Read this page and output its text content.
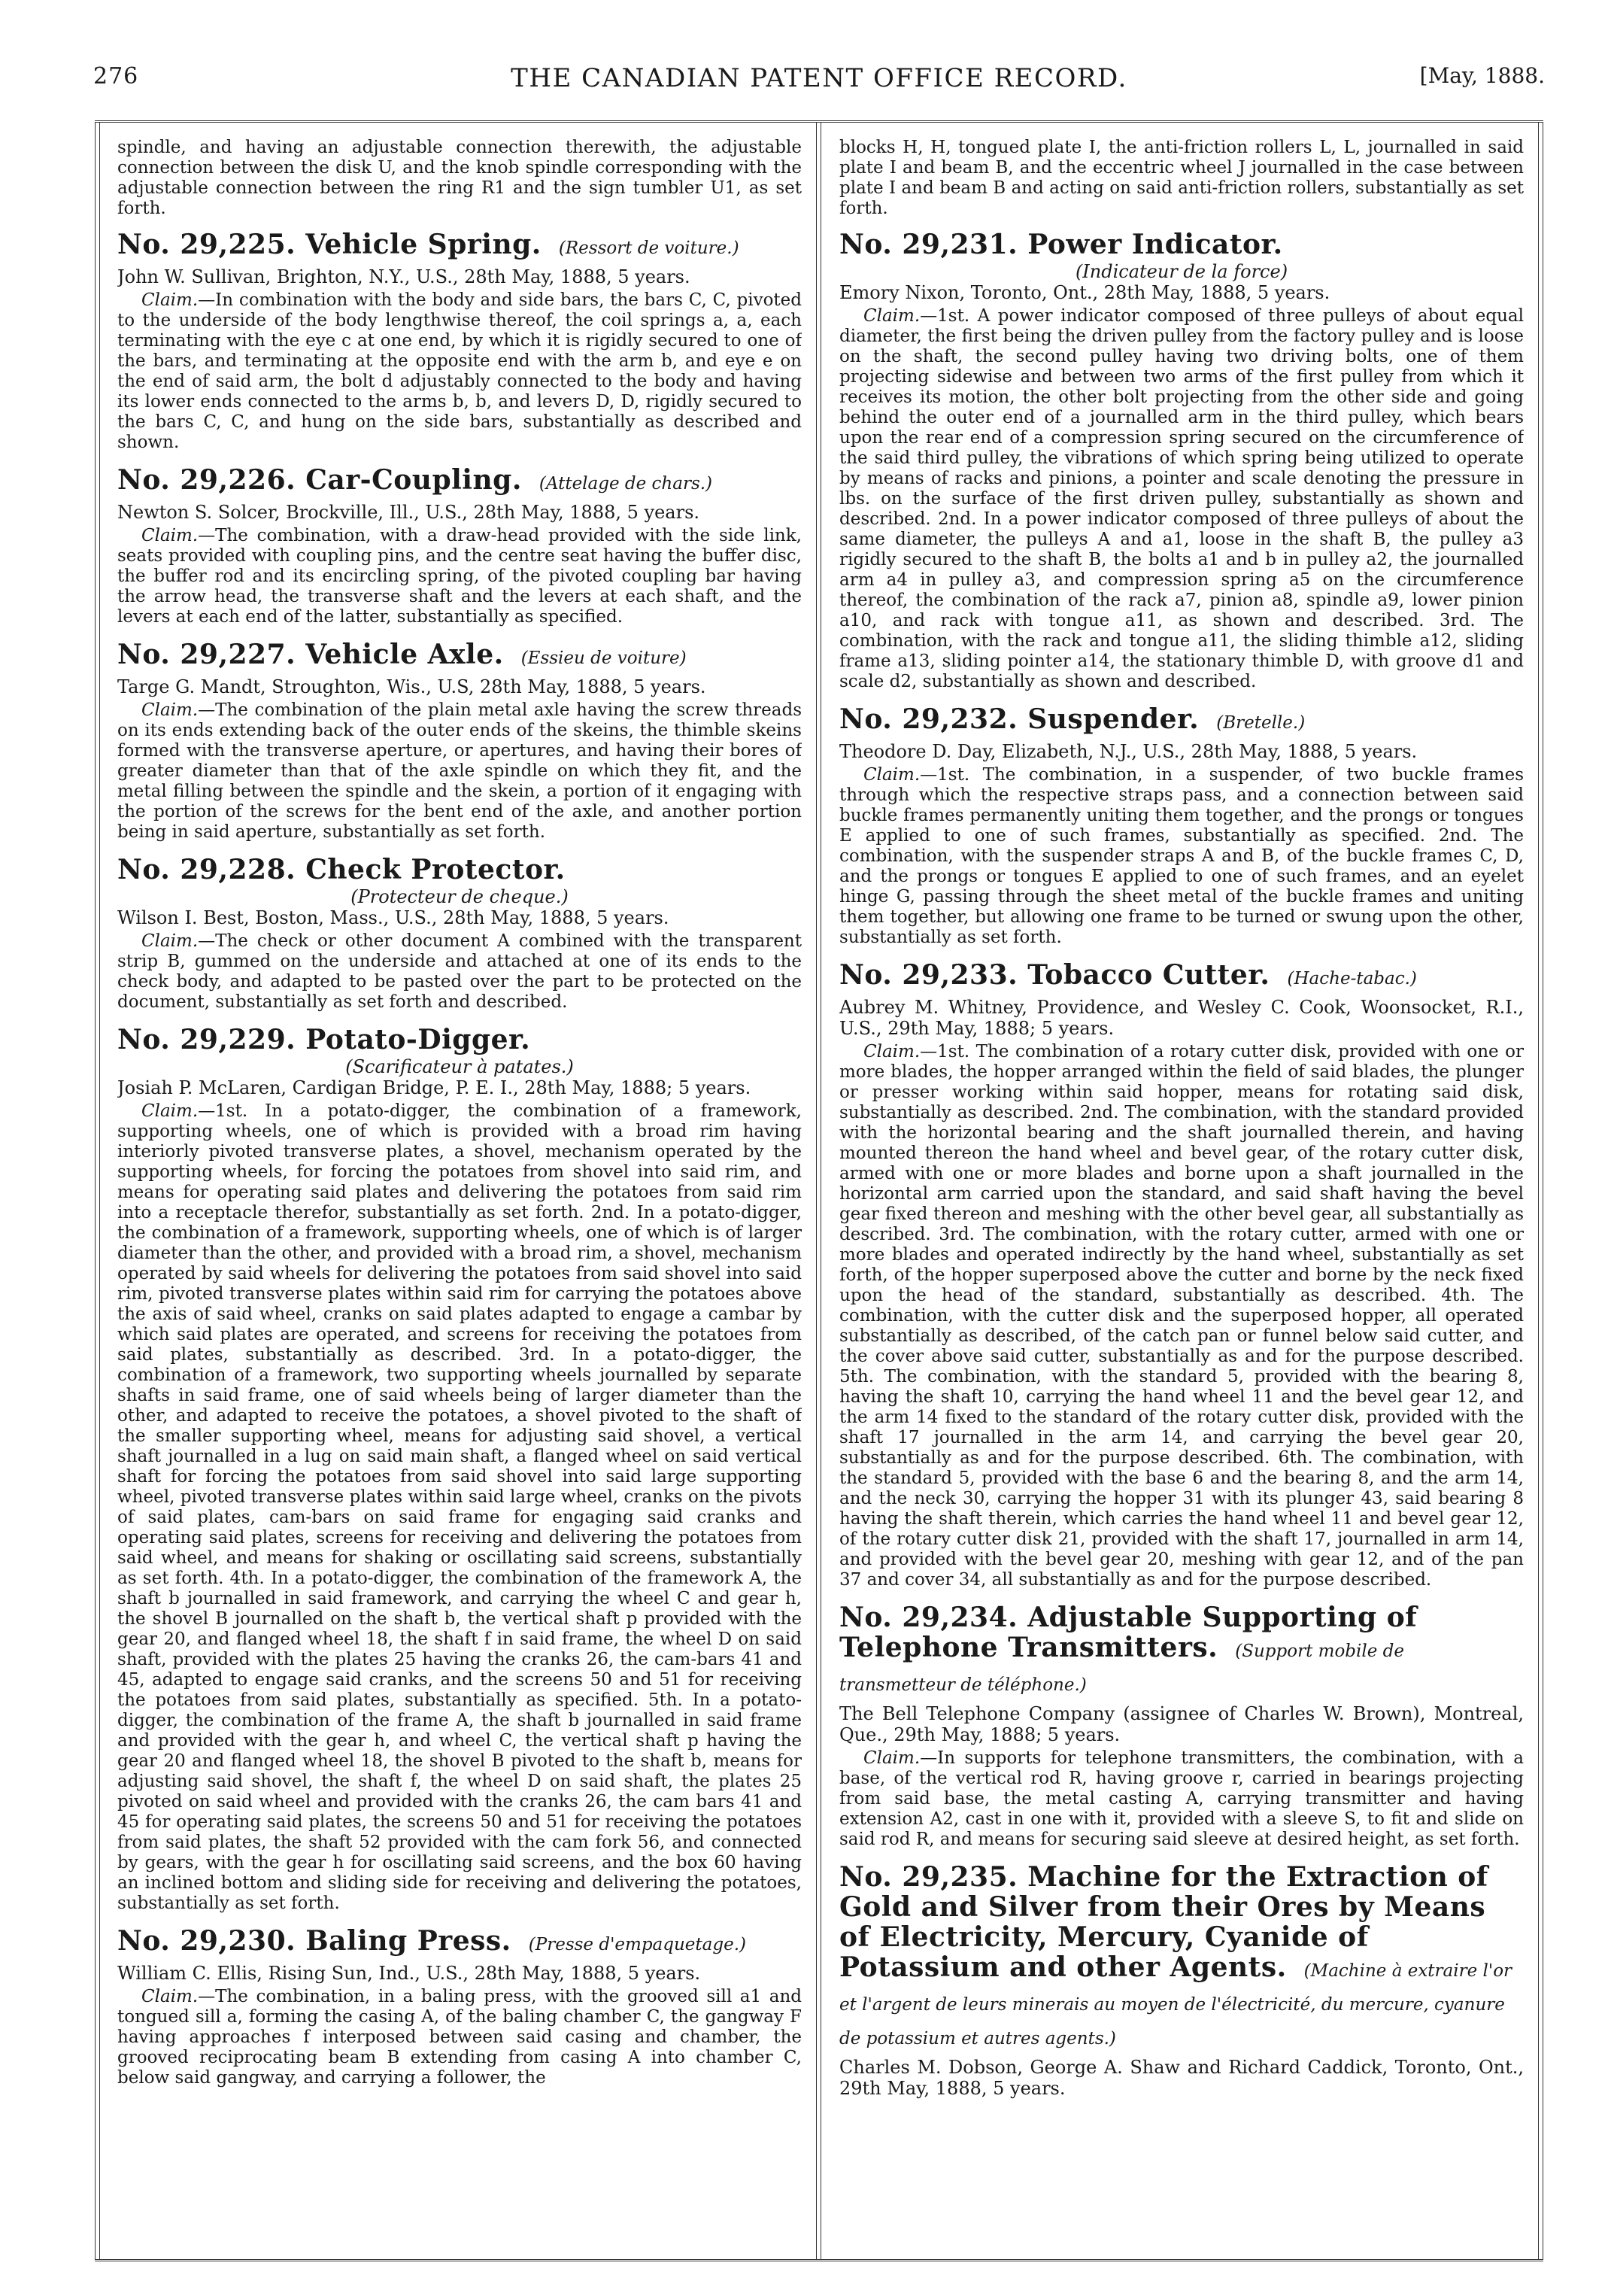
276	THE CANADIAN PATENT OFFICE RECORD.	[May, 1888.

spindle, and having an adjustable connection therewith, the adjustable connection between the disk U, and the knob spindle corresponding with the adjustable connection between the ring R1 and the sign tumbler U1, as set forth.

No. 29,225. Vehicle Spring. (Ressort de voiture.)

John W. Sullivan, Brighton, N.Y., U.S., 28th May, 1888, 5 years.

Claim.—In combination with the body and side bars, the bars C, C, pivoted to the underside of the body lengthwise thereof, the coil springs a, a, each terminating with the eye c at one end, by which it is rigidly secured to one of the bars, and terminating at the opposite end with the arm b, and eye e on the end of said arm, the bolt d adjustably connected to the body and having its lower ends connected to the arms b, b, and levers D, D, rigidly secured to the bars C, C, and hung on the side bars, substantially as described and shown.

No. 29,226. Car-Coupling. (Attelage de chars.)

Newton S. Solcer, Brockville, Ill., U.S., 28th May, 1888, 5 years.

Claim.—The combination, with a draw-head provided with the side link, seats provided with coupling pins, and the centre seat having the buffer disc, the buffer rod and its encircling spring, of the pivoted coupling bar having the arrow head, the transverse shaft and the levers at each shaft, and the levers at each end of the latter, substantially as specified.

No. 29,227. Vehicle Axle. (Essieu de voiture)

Targe G. Mandt, Stroughton, Wis., U.S, 28th May, 1888, 5 years.

Claim.—The combination of the plain metal axle having the screw threads on its ends extending back of the outer ends of the skeins, the thimble skeins formed with the transverse aperture, or apertures, and having their bores of greater diameter than that of the axle spindle on which they fit, and the metal filling between the spindle and the skein, a portion of it engaging with the portion of the screws for the bent end of the axle, and another portion being in said aperture, substantially as set forth.

No. 29,228. Check Protector.
(Protecteur de cheque.)

Wilson I. Best, Boston, Mass., U.S., 28th May, 1888, 5 years.

Claim.—The check or other document A combined with the transparent strip B, gummed on the underside and attached at one of its ends to the check body, and adapted to be pasted over the part to be protected on the document, substantially as set forth and described.

No. 29,229. Potato-Digger.
(Scarificateur à patates.)

Josiah P. McLaren, Cardigan Bridge, P. E. I., 28th May, 1888; 5 years.

Claim.—1st. In a potato-digger, the combination of a framework, supporting wheels, one of which is provided with a broad rim having interiorly pivoted transverse plates, a shovel, mechanism operated by the supporting wheels, for forcing the potatoes from shovel into said rim, and means for operating said plates and delivering the potatoes from said rim into a receptacle therefor, substantially as set forth. 2nd. In a potato-digger, the combination of a framework, supporting wheels, one of which is of larger diameter than the other, and provided with a broad rim, a shovel, mechanism operated by said wheels for delivering the potatoes from said shovel into said rim, pivoted transverse plates within said rim for carrying the potatoes above the axis of said wheel, cranks on said plates adapted to engage a cambar by which said plates are operated, and screens for receiving the potatoes from said plates, substantially as described. 3rd. In a potato-digger, the combination of a framework, two supporting wheels journalled by separate shafts in said frame, one of said wheels being of larger diameter than the other, and adapted to receive the potatoes, a shovel pivoted to the shaft of the smaller supporting wheel, means for adjusting said shovel, a vertical shaft journalled in a lug on said main shaft, a flanged wheel on said vertical shaft for forcing the potatoes from said shovel into said large supporting wheel, pivoted transverse plates within said large wheel, cranks on the pivots of said plates, cam-bars on said frame for engaging said cranks and operating said plates, screens for receiving and delivering the potatoes from said wheel, and means for shaking or oscillating said screens, substantially as set forth. 4th. In a potato-digger, the combination of the framework A, the shaft b journalled in said framework, and carrying the wheel C and gear h, the shovel B journalled on the shaft b, the vertical shaft p provided with the gear 20, and flanged wheel 18, the shaft f in said frame, the wheel D on said shaft, provided with the plates 25 having the cranks 26, the cam-bars 41 and 45, adapted to engage said cranks, and the screens 50 and 51 for receiving the potatoes from said plates, substantially as specified. 5th. In a potato-digger, the combination of the frame A, the shaft b journalled in said frame and provided with the gear h, and wheel C, the vertical shaft p having the gear 20 and flanged wheel 18, the shovel B pivoted to the shaft b, means for adjusting said shovel, the shaft f, the wheel D on said shaft, the plates 25 pivoted on said wheel and provided with the cranks 26, the cam bars 41 and 45 for operating said plates, the screens 50 and 51 for receiving the potatoes from said plates, the shaft 52 provided with the cam fork 56, and connected by gears, with the gear h for oscillating said screens, and the box 60 having an inclined bottom and sliding side for receiving and delivering the potatoes, substantially as set forth.

No. 29,230. Baling Press. (Presse d'empaquetage.)

William C. Ellis, Rising Sun, Ind., U.S., 28th May, 1888, 5 years.

Claim.—The combination, in a baling press, with the grooved sill a1 and tongued sill a, forming the casing A, of the baling chamber C, the gangway F having approaches f interposed between said casing and chamber, the grooved reciprocating beam B extending from casing A into chamber C, below said gangway, and carrying a follower, the

blocks H, H, tongued plate I, the anti-friction rollers L, L, journalled in said plate I and beam B, and the eccentric wheel J journalled in the case between plate I and beam B and acting on said anti-friction rollers, substantially as set forth.

No. 29,231. Power Indicator.
(Indicateur de la force)

Emory Nixon, Toronto, Ont., 28th May, 1888, 5 years.

Claim.—1st. A power indicator composed of three pulleys of about equal diameter, the first being the driven pulley from the factory pulley and is loose on the shaft, the second pulley having two driving bolts, one of them projecting sidewise and between two arms of the first pulley from which it receives its motion, the other bolt projecting from the other side and going behind the outer end of a journalled arm in the third pulley, which bears upon the rear end of a compression spring secured on the circumference of the said third pulley, the vibrations of which spring being utilized to operate by means of racks and pinions, a pointer and scale denoting the pressure in lbs. on the surface of the first driven pulley, substantially as shown and described. 2nd. In a power indicator composed of three pulleys of about the same diameter, the pulleys A and a1, loose in the shaft B, the pulley a3 rigidly secured to the shaft B, the bolts a1 and b in pulley a2, the journalled arm a4 in pulley a3, and compression spring a5 on the circumference thereof, the combination of the rack a7, pinion a8, spindle a9, lower pinion a10, and rack with tongue a11, as shown and described. 3rd. The combination, with the rack and tongue a11, the sliding thimble a12, sliding frame a13, sliding pointer a14, the stationary thimble D, with groove d1 and scale d2, substantially as shown and described.

No. 29,232. Suspender. (Bretelle.)

Theodore D. Day, Elizabeth, N.J., U.S., 28th May, 1888, 5 years.

Claim.—1st. The combination, in a suspender, of two buckle frames through which the respective straps pass, and a connection between said buckle frames permanently uniting them together, and the prongs or tongues E applied to one of such frames, substantially as specified. 2nd. The combination, with the suspender straps A and B, of the buckle frames C, D, and the prongs or tongues E applied to one of such frames, and an eyelet hinge G, passing through the sheet metal of the buckle frames and uniting them together, but allowing one frame to be turned or swung upon the other, substantially as set forth.

No. 29,233. Tobacco Cutter. (Hache-tabac.)

Aubrey M. Whitney, Providence, and Wesley C. Cook, Woonsocket, R.I., U.S., 29th May, 1888; 5 years.

Claim.—1st. The combination of a rotary cutter disk, provided with one or more blades, the hopper arranged within the field of said blades, the plunger or presser working within said hopper, means for rotating said disk, substantially as described. 2nd. The combination, with the standard provided with the horizontal bearing and the shaft journalled therein, and having mounted thereon the hand wheel and bevel gear, of the rotary cutter disk, armed with one or more blades and borne upon a shaft journalled in the horizontal arm carried upon the standard, and said shaft having the bevel gear fixed thereon and meshing with the other bevel gear, all substantially as described. 3rd. The combination, with the rotary cutter, armed with one or more blades and operated indirectly by the hand wheel, substantially as set forth, of the hopper superposed above the cutter and borne by the neck fixed upon the head of the standard, substantially as described. 4th. The combination, with the cutter disk and the superposed hopper, all operated substantially as described, of the catch pan or funnel below said cutter, and the cover above said cutter, substantially as and for the purpose described. 5th. The combination, with the standard 5, provided with the bearing 8, having the shaft 10, carrying the hand wheel 11 and the bevel gear 12, and the arm 14 fixed to the standard of the rotary cutter disk, provided with the shaft 17 journalled in the arm 14, and carrying the bevel gear 20, substantially as and for the purpose described. 6th. The combination, with the standard 5, provided with the base 6 and the bearing 8, and the arm 14, and the neck 30, carrying the hopper 31 with its plunger 43, said bearing 8 having the shaft therein, which carries the hand wheel 11 and bevel gear 12, of the rotary cutter disk 21, provided with the shaft 17, journalled in arm 14, and provided with the bevel gear 20, meshing with gear 12, and of the pan 37 and cover 34, all substantially as and for the purpose described.

No. 29,234. Adjustable Supporting of Telephone Transmitters. (Support mobile de transmetteur de téléphone.)

The Bell Telephone Company (assignee of Charles W. Brown), Montreal, Que., 29th May, 1888; 5 years.

Claim.—In supports for telephone transmitters, the combination, with a base, of the vertical rod R, having groove r, carried in bearings projecting from said base, the metal casting A, carrying transmitter and having extension A2, cast in one with it, provided with a sleeve S, to fit and slide on said rod R, and means for securing said sleeve at desired height, as set forth.

No. 29,235. Machine for the Extraction of Gold and Silver from their Ores by Means of Electricity, Mercury, Cyanide of Potassium and other Agents. (Machine à extraire l'or et l'argent de leurs minerais au moyen de l'électricité, du mercure, cyanure de potassium et autres agents.)

Charles M. Dobson, George A. Shaw and Richard Caddick, Toronto, Ont., 29th May, 1888, 5 years.
